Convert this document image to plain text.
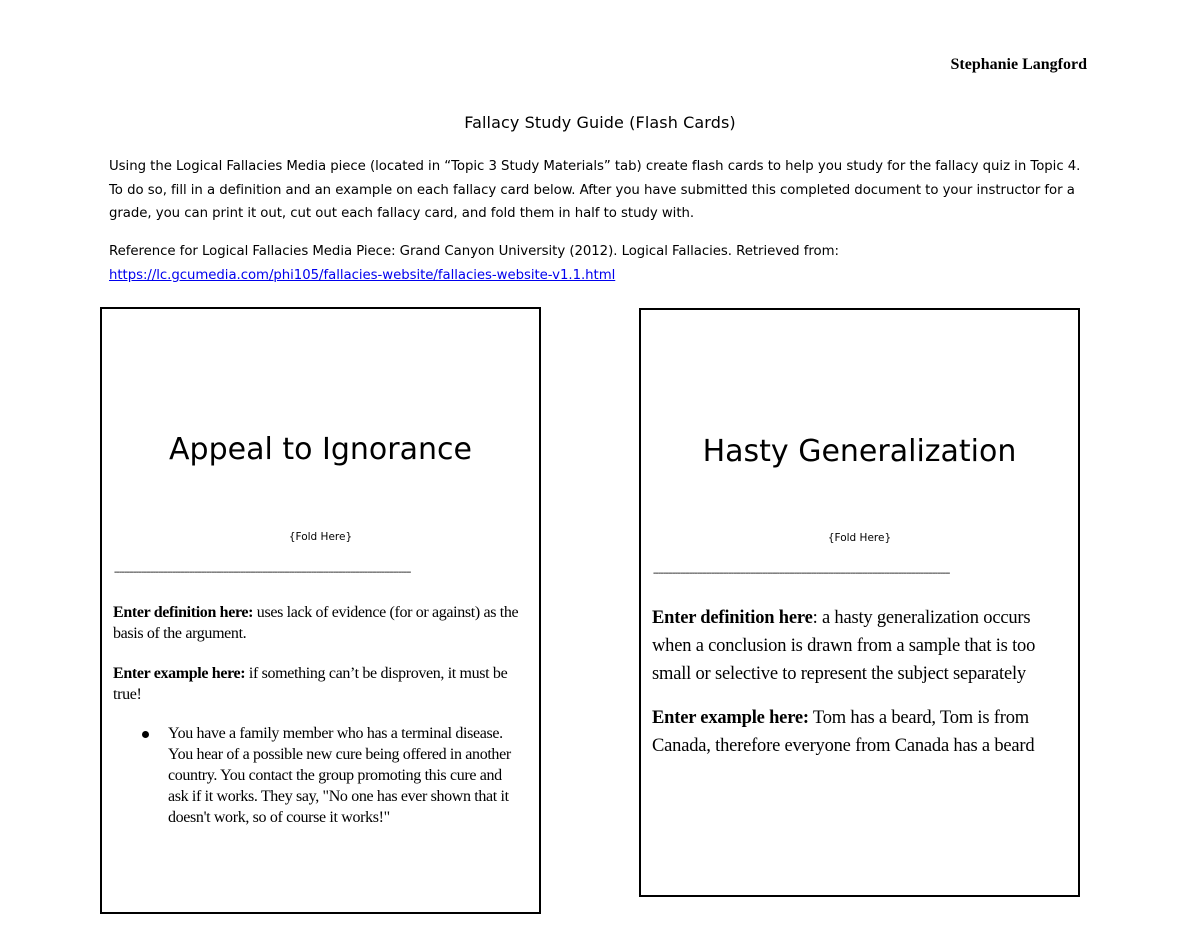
Stephanie Langford
Fallacy Study Guide (Flash Cards)
Using the Logical Fallacies Media piece (located in “Topic 3 Study Materials” tab) create flash cards to help you study for the fallacy quiz in Topic 4. To do so, fill in a definition and an example on each fallacy card below. After you have submitted this completed document to your instructor for a grade, you can print it out, cut out each fallacy card, and fold them in half to study with.
Reference for Logical Fallacies Media Piece: Grand Canyon University (2012). Logical Fallacies. Retrieved from:
https://lc.gcumedia.com/phi105/fallacies-website/fallacies-website-v1.1.html
Appeal to Ignorance
{Fold Here}
--------------------------------------------------------------------------------------------------------------------------

Enter definition here: uses lack of evidence (for or against) as the basis of the argument.

Enter example here: if something can’t be disproven, it must be true!

You have a family member who has a terminal disease. You hear of a possible new cure being offered in another country. You contact the group promoting this cure and ask if it works. They say, "No one has ever shown that it doesn't work, so of course it works!"
Hasty Generalization
{Fold Here}
--------------------------------------------------------------------------------------------------------------------------

Enter definition here: a hasty generalization occurs when a conclusion is drawn from a sample that is too small or selective to represent the subject separately

Enter example here: Tom has a beard, Tom is from Canada, therefore everyone from Canada has a beard
